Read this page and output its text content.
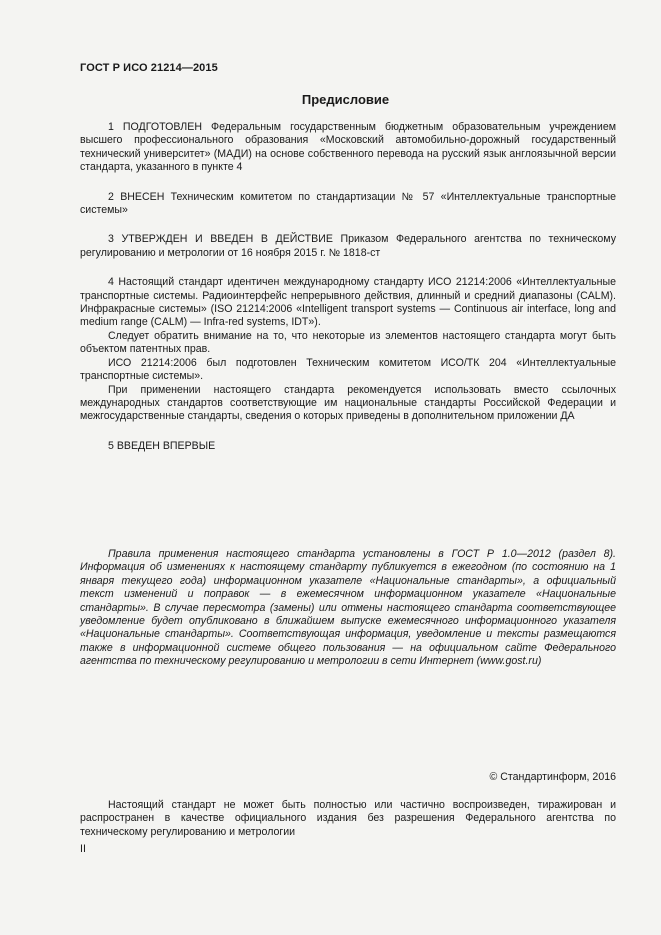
ГОСТ Р ИСО 21214—2015
Предисловие

1 ПОДГОТОВЛЕН Федеральным государственным бюджетным образовательным учреждением высшего профессионального образования «Московский автомобильно-дорожный государственный технический университет» (МАДИ) на основе собственного перевода на русский язык англоязычной версии стандарта, указанного в пункте 4

2 ВНЕСЕН Техническим комитетом по стандартизации № 57 «Интеллектуальные транспортные системы»

3 УТВЕРЖДЕН И ВВЕДЕН В ДЕЙСТВИЕ Приказом Федерального агентства по техническому регулированию и метрологии от 16 ноября 2015 г. № 1818-ст

4 Настоящий стандарт идентичен международному стандарту ИСО 21214:2006 «Интеллектуальные транспортные системы. Радиоинтерфейс непрерывного действия, длинный и средний диапазоны (CALM). Инфракрасные системы» (ISO 21214:2006 «Intelligent transport systems — Continuous air interface, long and medium range (CALM) — Infra-red systems, IDT»).

Следует обратить внимание на то, что некоторые из элементов настоящего стандарта могут быть объектом патентных прав.

ИСО 21214:2006 был подготовлен Техническим комитетом ИСО/ТК 204 «Интеллектуальные транспортные системы».

При применении настоящего стандарта рекомендуется использовать вместо ссылочных международных стандартов соответствующие им национальные стандарты Российской Федерации и межгосударственные стандарты, сведения о которых приведены в дополнительном приложении ДА

5 ВВЕДЕН ВПЕРВЫЕ

Правила применения настоящего стандарта установлены в ГОСТ Р 1.0—2012 (раздел 8). Информация об изменениях к настоящему стандарту публикуется в ежегодном (по состоянию на 1 января текущего года) информационном указателе «Национальные стандарты», а официальный текст изменений и поправок — в ежемесячном информационном указателе «Национальные стандарты». В случае пересмотра (замены) или отмены настоящего стандарта соответствующее уведомление будет опубликовано в ближайшем выпуске ежемесячного информационного указателя «Национальные стандарты». Соответствующая информация, уведомление и тексты размещаются также в информационной системе общего пользования — на официальном сайте Федерального агентства по техническому регулированию и метрологии в сети Интернет (www.gost.ru)
© Стандартинформ, 2016
Настоящий стандарт не может быть полностью или частично воспроизведен, тиражирован и распространен в качестве официального издания без разрешения Федерального агентства по техническому регулированию и метрологии
II
